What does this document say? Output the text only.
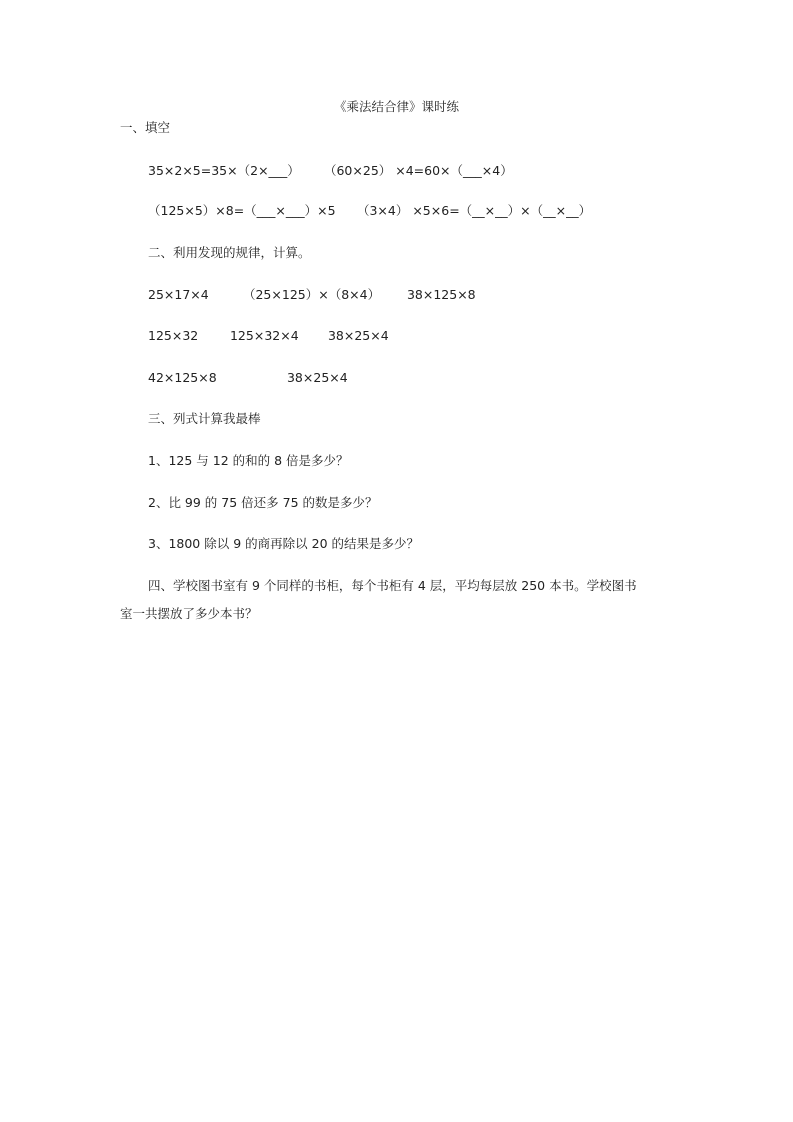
《乘法结合律》课时练
一、填空
35×2×5=35×（2×___） （60×25） ×4=60×（___×4）
（125×5）×8=（___×___）×5 （3×4） ×5×6=（__×__）×（__×__）
二、利用发现的规律，计算。
25×17×4	（25×125）×（8×4） 38×125×8
125×32	125×32×4 38×25×4
42×125×8	38×25×4
三、列式计算我最棒
1、125 与 12 的和的 8 倍是多少？
2、比 99 的 75 倍还多 75 的数是多少？
3、1800 除以 9 的商再除以 20 的结果是多少？
四、学校图书室有 9 个同样的书柜，每个书柜有 4 层，平均每层放 250 本书。学校图书
室一共摆放了多少本书？
